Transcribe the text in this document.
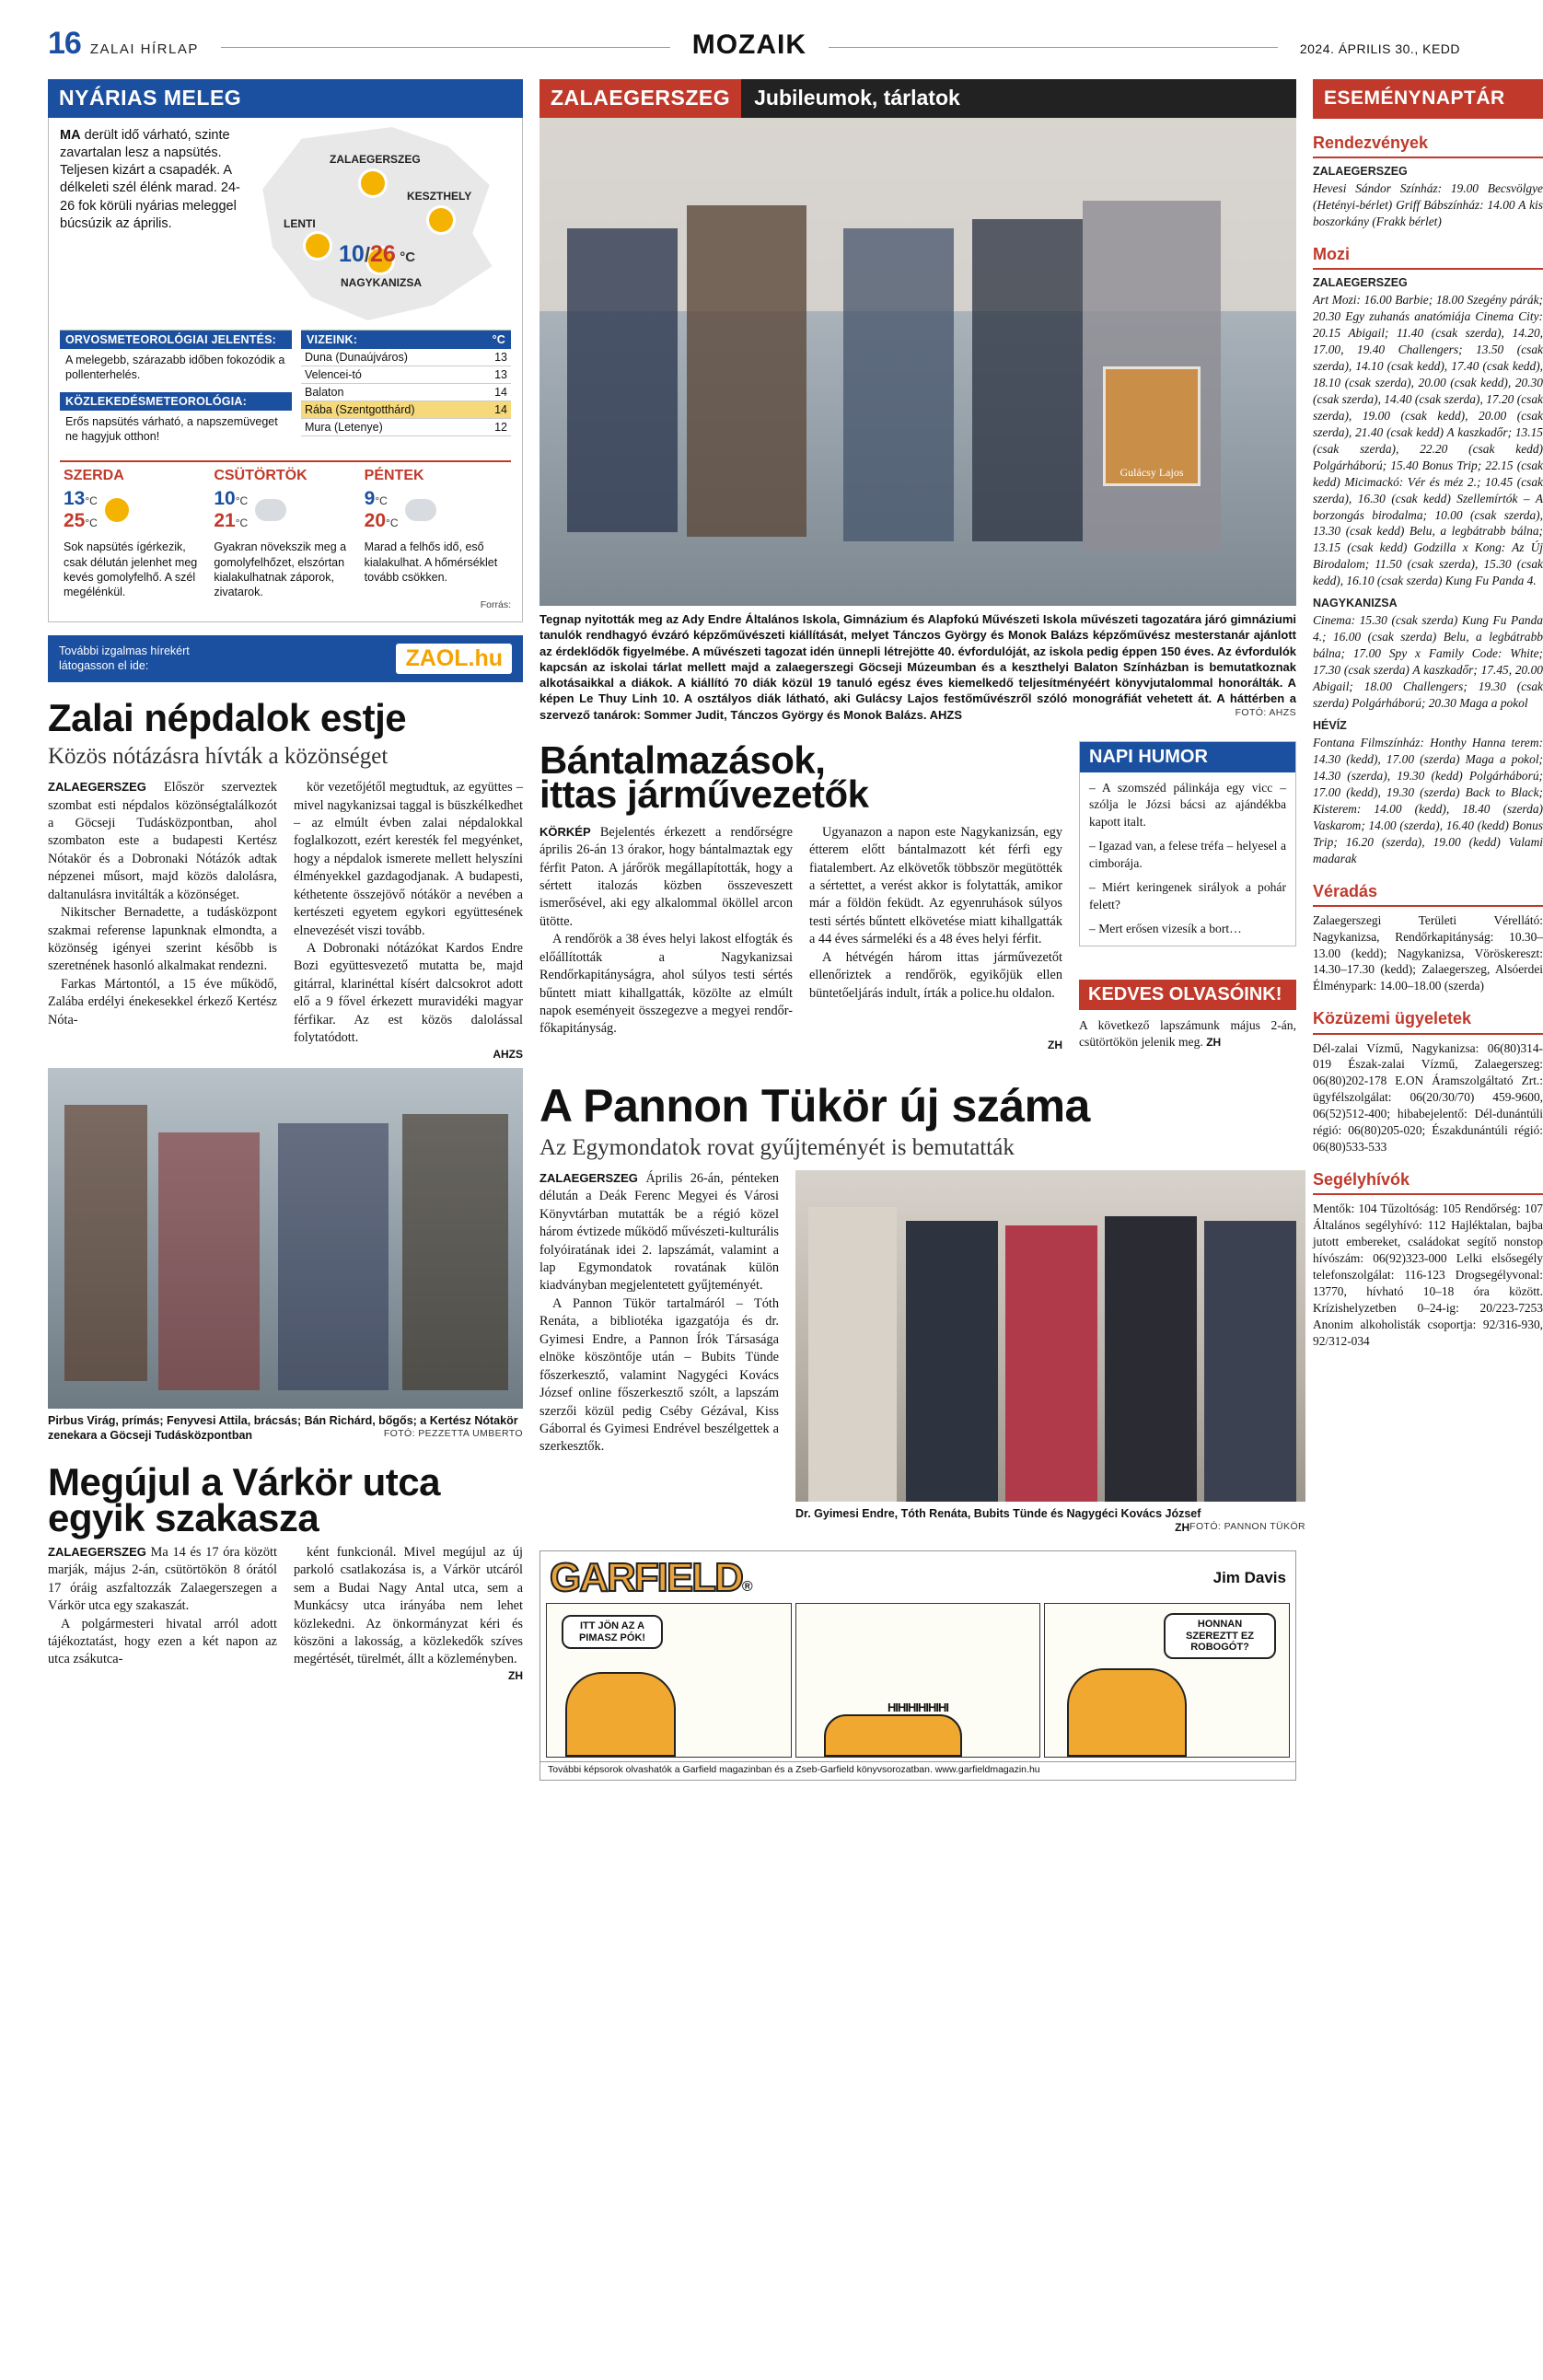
16 ZALAI HÍRLAP	MOZAIK	2024. ÁPRILIS 30., KEDD
NYÁRIAS MELEG
MA derült idő várható, szinte zavartalan lesz a napsütés. Teljesen kizárt a csapadék. A délkeleti szél élénk marad. 24-26 fok körüli nyárias meleggel búcsúzik az április.
ZALAEGERSZEG
KESZTHELY
LENTI
NAGYKANIZSA
10/26 °C
ORVOSMETEOROLÓGIAI JELENTÉS:
A melegebb, szárazabb időben fokozódik a pollenterhelés.
KÖZLEKEDÉSMETEOROLÓGIA:
Erős napsütés várható, a napszemüveget ne hagyjuk otthon!
VIZEINK:	°C
Duna (Dunaújváros)	13
Velencei-tó	13
Balaton	14
Rába (Szentgotthárd)	14
Mura (Letenye)	12
SZERDA
13°C
25°C
Sok napsütés ígérkezik, csak délután jelenhet meg kevés gomolyfelhő. A szél megélénkül.
CSÜTÖRTÖK
10°C
21°C
Gyakran növekszik meg a gomolyfelhőzet, elszórtan kialakulhatnak záporok, zivatarok.
PÉNTEK
9°C
20°C
Marad a felhős idő, eső kialakulhat. A hőmérséklet tovább csökken.
Forrás:
További izgalmas hírekért
látogasson el ide:	ZAOL.hu
Zalai népdalok estje
Közös nótázásra hívták a közönséget

ZALAEGERSZEG Először szerveztek szombat esti népdalos közönségtalálkozót a Göcseji Tudásközpontban, ahol szombaton este a budapesti Kertész Nótakör és a Dobronaki Nótázók adtak népzenei műsort, majd közös dalolásra, daltanulásra invitálták a közönséget.

Nikitscher Bernadette, a tudásközpont szakmai referense lapunknak elmondta, a közönség igényei szerint később is szeretnének hasonló alkalmakat rendezni.

Farkas Mártontól, a 15 éve működő, Zalába erdélyi énekesekkel érkező Kertész Nóta-

kör vezetőjétől megtudtuk, az együttes – mivel nagykanizsai taggal is büszkélkedhet – az elmúlt évben zalai népdalokkal foglalkozott, ezért keresték fel megyénket, hogy a népdalok ismerete mellett helyszíni élményekkel gazdagodjanak. A budapesti, kéthetente összejövő nótákör a nevében a kertészeti egyetem egykori együttesének elnevezését viszi tovább.

A Dobronaki nótázókat Kardos Endre Bozi együttesvezető mutatta be, majd gitárral, klarinéttal kísért dalcsokrot adott elő a 9 fővel érkezett muravidéki magyar férfikar. Az est közös dalolással folytatódott.

AHZS
Pirbus Virág, prímás; Fenyvesi Attila, brácsás; Bán Richárd, bőgős; a Kertész Nótakör zenekara a Göcseji Tudásközpontban	FOTÓ: PEZZETTA UMBERTO
Megújul a Várkör utca
egyik szakasza

ZALAEGERSZEG Ma 14 és 17 óra között marják, május 2-án, csütörtökön 8 órától 17 óráig aszfaltozzák Zalaegerszegen a Várkör utca egy szakaszát.

A polgármesteri hivatal arról adott tájékoztatást, hogy ezen a két napon az utca zsákutca-

ként funkcionál. Mivel megújul az új parkoló csatlakozása is, a Várkör utcáról sem a Budai Nagy Antal utca, sem a Munkácsy utca irányába nem lehet közlekedni. Az önkormányzat kéri és köszöni a lakosság, a közlekedők szíves megértését, türelmét, állt a közleményben.

ZH
ZALAEGERSZEG	Jubileumok, tárlatok
Gulácsy Lajos
Tegnap nyitották meg az Ady Endre Általános Iskola, Gimnázium és Alapfokú Művészeti Iskola művészeti tagozatára járó gimnáziumi tanulók rendhagyó évzáró képzőművészeti kiállítását, melyet Tánczos György és Monok Balázs képzőművész mesterstanár ajánlott az érdeklődők figyelmébe. A művészeti tagozat idén ünnepli létrejötte 40. évfordulóját, az iskola pedig éppen 150 éves. Az évfordulók kapcsán az iskolai tárlat mellett majd a zalaegerszegi Göcseji Múzeumban és a keszthelyi Balaton Színházban is bemutatkoznak alkotásaikkal a diákok. A kiállító 70 diák közül 19 tanuló egész éves kiemelkedő teljesítményéért könyvjutalommal honorálták. A képen Le Thuy Linh 10. A osztályos diák látható, aki Gulácsy Lajos festőművészről szóló monográfiát vehetett át. A háttérben a szervező tanárok: Sommer Judit, Tánczos György és Monok Balázs. AHZS	FOTÓ: AHZS
Bántalmazások,
ittas járművezetők

KÖRKÉP Bejelentés érkezett a rendőrségre április 26-án 13 órakor, hogy bántalmaztak egy férfit Paton. A járőrök megállapították, hogy a sértett italozás közben összeveszett ismerősével, aki egy alkalommal ököllel arcon ütötte.

A rendőrök a 38 éves helyi lakost elfogták és előállították a Nagykanizsai Rendőrkapitányságra, ahol súlyos testi sértés bűntett miatt kihallgatták, közölte az elmúlt napok eseményeit összegezve a megyei rendőr-főkapitányság.

Ugyanazon a napon este Nagykanizsán, egy étterem előtt bántalmazott két férfi egy fiatalembert. Az elkövetők többször megütötték a sértettet, a verést akkor is folytatták, amikor már a földön feküdt. Az egyenruhások súlyos testi sértés bűntett elkövetése miatt kihallgatták a 44 éves sármeléki és a 48 éves helyi férfit.

A hétvégén három ittas járművezetőt ellenőriztek a rendőrök, egyikőjük ellen büntetőeljárás indult, írták a police.hu oldalon.

ZH
NAPI HUMOR

– A szomszéd pálinkája egy vicc – szólja le Józsi bácsi az ajándékba kapott italt.

– Igazad van, a felese tréfa – helyesel a cimborája.

– Miért keringenek sirályok a pohár felett?

– Mert erősen vizesík a bort…

KEDVES OLVASÓINK!
A következő lapszámunk május 2-án, csütörtökön jelenik meg. ZH
A Pannon Tükör új száma
Az Egymondatok rovat gyűjteményét is bemutatták

ZALAEGERSZEG Április 26-án, pénteken délután a Deák Ferenc Megyei és Városi Könyvtárban mutatták be a régió közel három évtizede működő művészeti-kulturális folyóiratának idei 2. lapszámát, valamint a lap Egymondatok rovatának külön kiadványban megjelentetett gyűjteményét.

A Pannon Tükör tartalmáról – Tóth Renáta, a bibliotéka igazgatója és dr. Gyimesi Endre, a Pannon Írók Társasága elnöke köszöntője után – Bubits Tünde főszerkesztő, valamint Nagygéci Kovács József online főszerkesztő szólt, a lapszám szerzői közül pedig Cséby Gézával, Kiss Gáborral és Gyimesi Endrével beszélgettek a szerkesztők.

Dr. Gyimesi Endre, Tóth Renáta, Bubits Tünde és Nagygéci Kovács József
FOTÓ: PANNON TÜKÖR
ZH
GARFIELD®
Jim Davis
ITT JÖN AZ A PIMASZ PÓK!
HIHIHIHIHIHI
HONNAN SZEREZTT EZ ROBOGÓT?
További képsorok olvashatók a Garfield magazinban és a Zseb-Garfield könyvsorozatban. www.garfieldmagazin.hu
ESEMÉNYNAPTÁR
Rendezvények

ZALAEGERSZEG

Hevesi Sándor Színház: 19.00 Becsvölgye (Hetényi-bérlet) Griff Bábszínház: 14.00 A kis boszorkány (Frakk bérlet)

Mozi

ZALAEGERSZEG

Art Mozi: 16.00 Barbie; 18.00 Szegény párák; 20.30 Egy zuhanás anatómiája Cinema City: 20.15 Abigail; 11.40 (csak szerda), 14.20, 17.00, 19.40 Challengers; 13.50 (csak szerda), 14.10 (csak kedd), 17.40 (csak kedd), 18.10 (csak szerda), 20.00 (csak kedd), 20.30 (csak szerda), 14.40 (csak szerda), 17.20 (csak szerda), 19.00 (csak kedd), 20.00 (csak szerda), 21.40 (csak kedd) A kaszkadőr; 13.15 (csak szerda), 22.20 (csak kedd) Polgárháború; 15.40 Bonus Trip; 22.15 (csak kedd) Micimackó: Vér és méz 2.; 10.45 (csak szerda), 16.30 (csak kedd) Szellemírtók – A borzongás birodalma; 10.00 (csak szerda), 13.30 (csak kedd) Belu, a legbátrabb bálna; 13.15 (csak kedd) Godzilla x Kong: Az Új Birodalom; 11.50 (csak szerda), 15.30 (csak kedd), 16.10 (csak szerda) Kung Fu Panda 4.

NAGYKANIZSA

Cinema: 15.30 (csak szerda) Kung Fu Panda 4.; 16.00 (csak szerda) Belu, a legbátrabb bálna; 17.00 Spy x Family Code: White; 17.30 (csak szerda) A kaszkadőr; 17.45, 20.00 Abigail; 18.00 Challengers; 19.30 (csak szerda) Polgárháború; 20.30 Maga a pokol

HÉVÍZ

Fontana Filmszínház: Honthy Hanna terem: 14.30 (kedd), 17.00 (szerda) Maga a pokol; 14.30 (szerda), 19.30 (kedd) Polgárháború; 17.00 (kedd), 19.30 (szerda) Back to Black; Kisterem: 14.00 (kedd), 18.40 (szerda) Vaskarom; 14.00 (szerda), 16.40 (kedd) Bonus Trip; 16.20 (szerda), 19.00 (kedd) Valami madarak

Véradás

Zalaegerszegi Területi Vérellátó: Nagykanizsa, Rendőrkapitányság: 10.30–13.00 (kedd); Nagykanizsa, Vöröskereszt: 14.30–17.30 (kedd); Zalaegerszeg, Alsóerdei Élménypark: 14.00–18.00 (szerda)

Közüzemi ügyeletek

Dél-zalai Vízmű, Nagykanizsa: 06(80)314-019 Észak-zalai Vízmű, Zalaegerszeg: 06(80)202-178 E.ON Áramszolgáltató Zrt.: ügyfélszolgálat: 06(20/30/70) 459-9600, 06(52)512-400; hibabejelentő: Dél-dunántúli régió: 06(80)205-020; Északdunántúli régió: 06(80)533-533

Segélyhívók

Mentők: 104 Tűzoltóság: 105 Rendőrség: 107 Általános segélyhívó: 112 Hajléktalan, bajba jutott embereket, családokat segítő nonstop hívószám: 06(92)323-000 Lelki elsősegély telefonszolgálat: 116-123 Drogsegélyvonal: 13770, hívható 10–18 óra között. Krízishelyzetben 0–24-ig: 20/223-7253 Anonim alkoholisták csoportja: 92/316-930, 92/312-034
